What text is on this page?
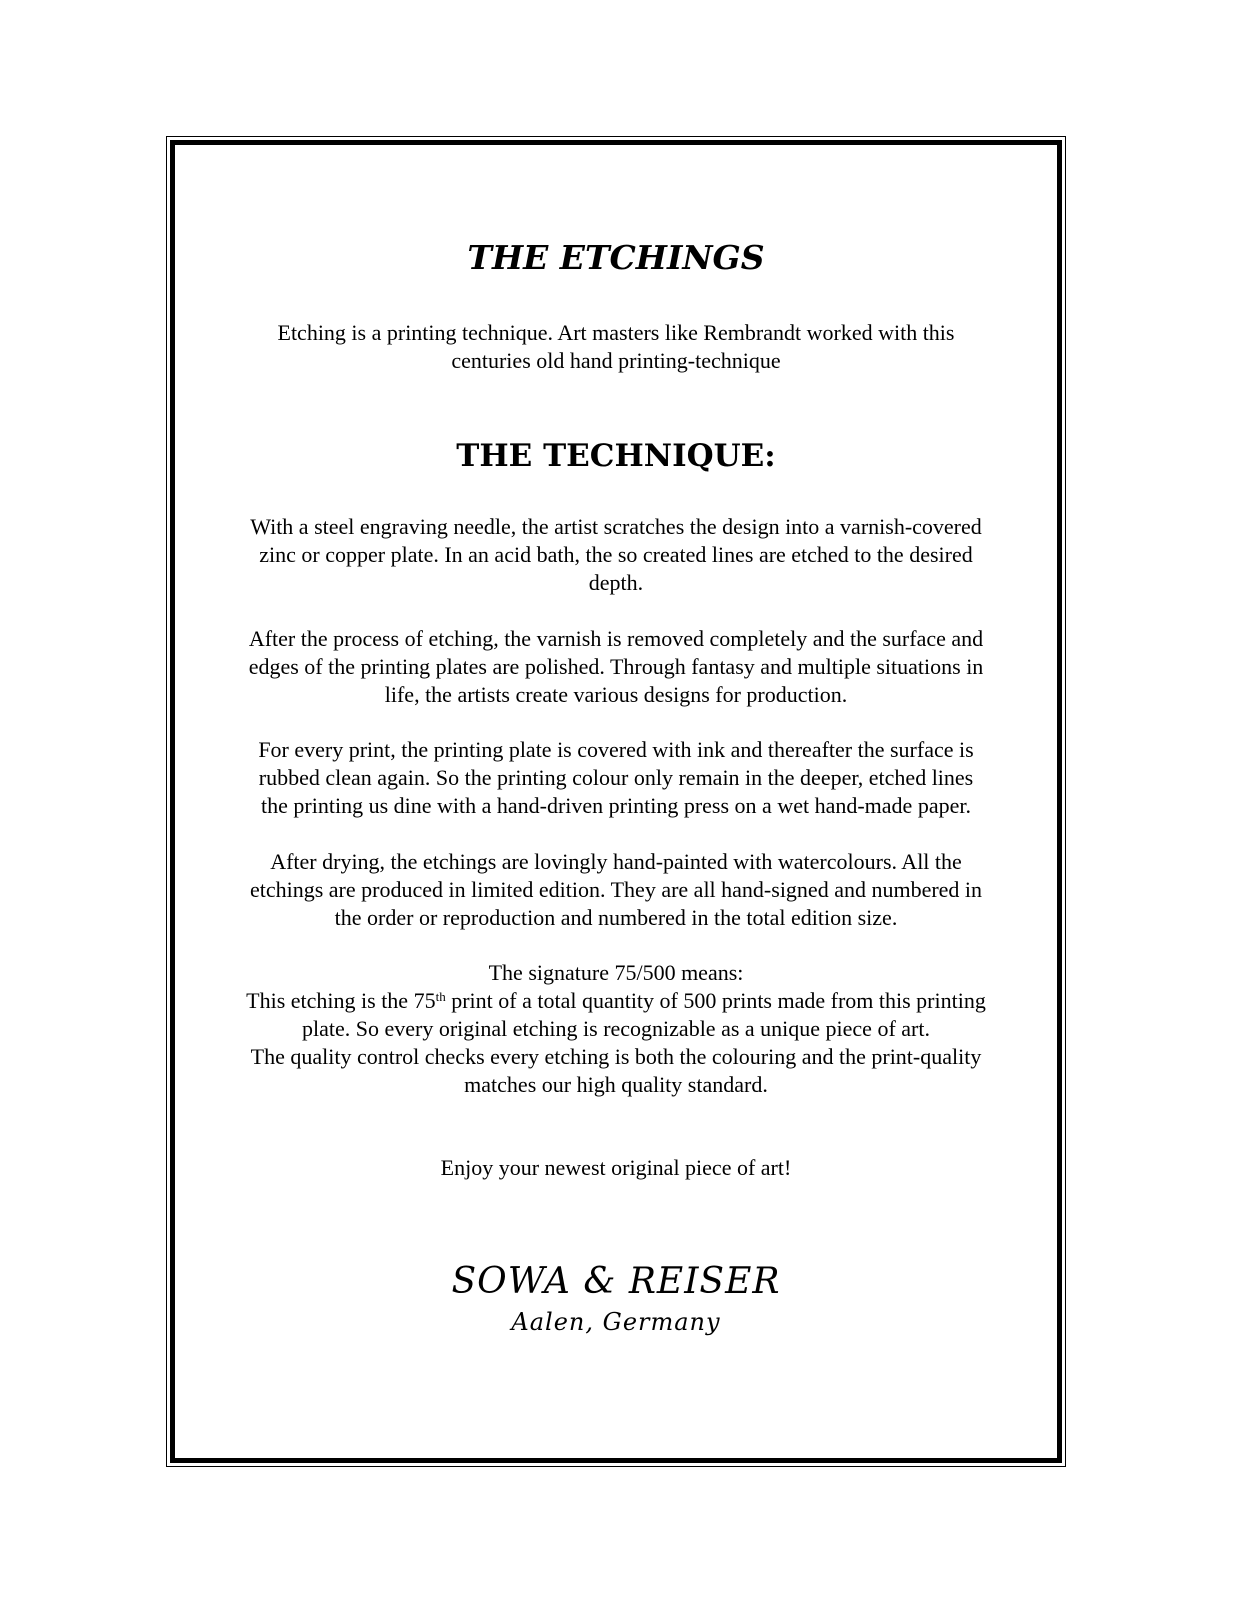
THE ETCHINGS

Etching is a printing technique. Art masters like Rembrandt worked with this
centuries old hand printing-technique

THE TECHNIQUE:

With a steel engraving needle, the artist scratches the design into a varnish-covered
zinc or copper plate. In an acid bath, the so created lines are etched to the desired
depth.

After the process of etching, the varnish is removed completely and the surface and
edges of the printing plates are polished. Through fantasy and multiple situations in
life, the artists create various designs for production.

For every print, the printing plate is covered with ink and thereafter the surface is
rubbed clean again. So the printing colour only remain in the deeper, etched lines
the printing us dine with a hand-driven printing press on a wet hand-made paper.

After drying, the etchings are lovingly hand-painted with watercolours. All the
etchings are produced in limited edition. They are all hand-signed and numbered in
the order or reproduction and numbered in the total edition size.

The signature 75/500 means:
This etching is the 75th print of a total quantity of 500 prints made from this printing
plate. So every original etching is recognizable as a unique piece of art.
The quality control checks every etching is both the colouring and the print-quality
matches our high quality standard.

Enjoy your newest original piece of art!

SOWA & REISER
Aalen, Germany
